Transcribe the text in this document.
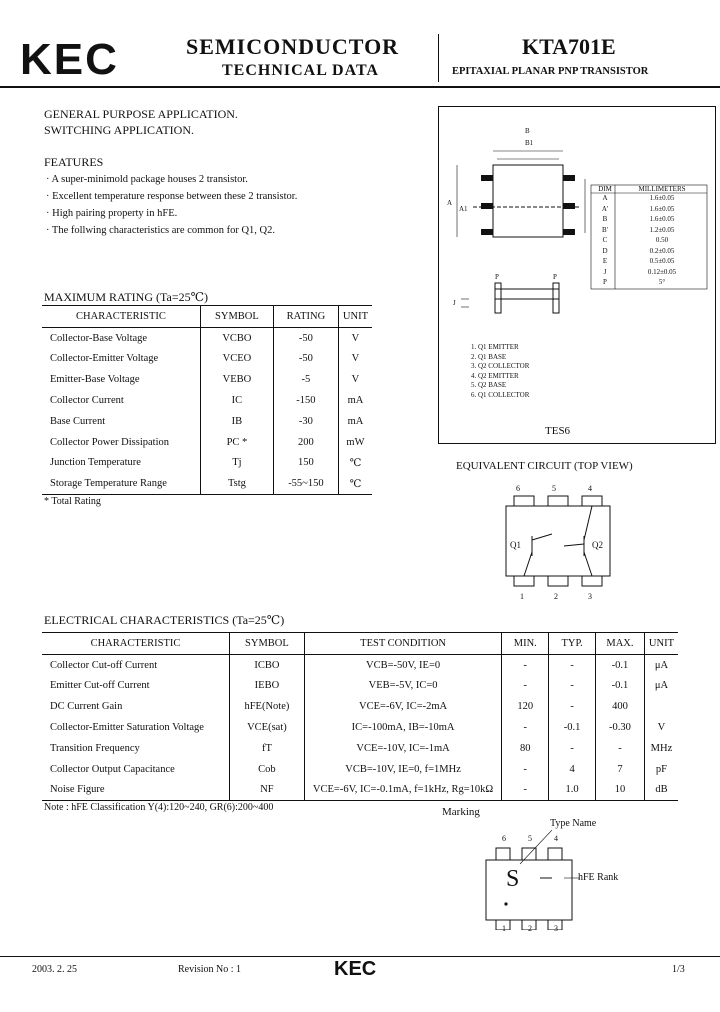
KEC	SEMICONDUCTOR
TECHNICAL DATA
KTA701E
EPITAXIAL PLANAR PNP TRANSISTOR
GENERAL PURPOSE APPLICATION.
SWITCHING APPLICATION.
FEATURES
· A super-minimold package houses 2 transistor.
· Excellent temperature response between these 2 transistor.
· High pairing property in hFE.
· The follwing characteristics are common for Q1, Q2.
MAXIMUM RATING (Ta=25℃)
CHARACTERISTIC	SYMBOL	RATING	UNIT
Collector-Base Voltage	VCBO	-50	V
Collector-Emitter Voltage	VCEO	-50	V
Emitter-Base Voltage	VEBO	-5	V
Collector Current	IC	-150	mA
Base Current	IB	-30	mA
Collector Power Dissipation	PC *	200	mW
Junction Temperature	Tj	150	℃
Storage Temperature Range	Tstg	-55~150	℃
* Total Rating
B
B1
A
A1
P	P
J
DIM	MILLIMETERS
A	1.6±0.05
A'	1.6±0.05
B	1.6±0.05
B'	1.2±0.05
C	0.50
D	0.2±0.05
E	0.5±0.05
J	0.12±0.05
P	5°
1. Q1 EMITTER
2. Q1 BASE
3. Q2 COLLECTOR
4. Q2 EMITTER
5. Q2 BASE
6. Q1 COLLECTOR
TES6
EQUIVALENT CIRCUIT (TOP VIEW)
6	5	4
1	2	3
Q1	Q2
ELECTRICAL CHARACTERISTICS (Ta=25℃)
CHARACTERISTIC	SYMBOL	TEST CONDITION	MIN.	TYP.	MAX.	UNIT
Collector Cut-off Current	ICBO	VCB=-50V, IE=0	-	-	-0.1	μA
Emitter Cut-off Current	IEBO	VEB=-5V, IC=0	-	-	-0.1	μA
DC Current Gain	hFE(Note)	VCE=-6V, IC=-2mA	120	-	400	
Collector-Emitter Saturation Voltage	VCE(sat)	IC=-100mA, IB=-10mA	-	-0.1	-0.30	V
Transition Frequency	fT	VCE=-10V, IC=-1mA	80	-	-	MHz
Collector Output Capacitance	Cob	VCB=-10V, IE=0, f=1MHz	-	4	7	pF
Noise Figure	NF	VCE=-6V, IC=-0.1mA, f=1kHz, Rg=10kΩ	-	1.0	10	dB
Note : hFE Classification Y(4):120~240, GR(6):200~400	Marking
Type Name
hFE Rank
S
6	5	4
1	2	3
2003. 2. 25	Revision No : 1	KEC	1/3
